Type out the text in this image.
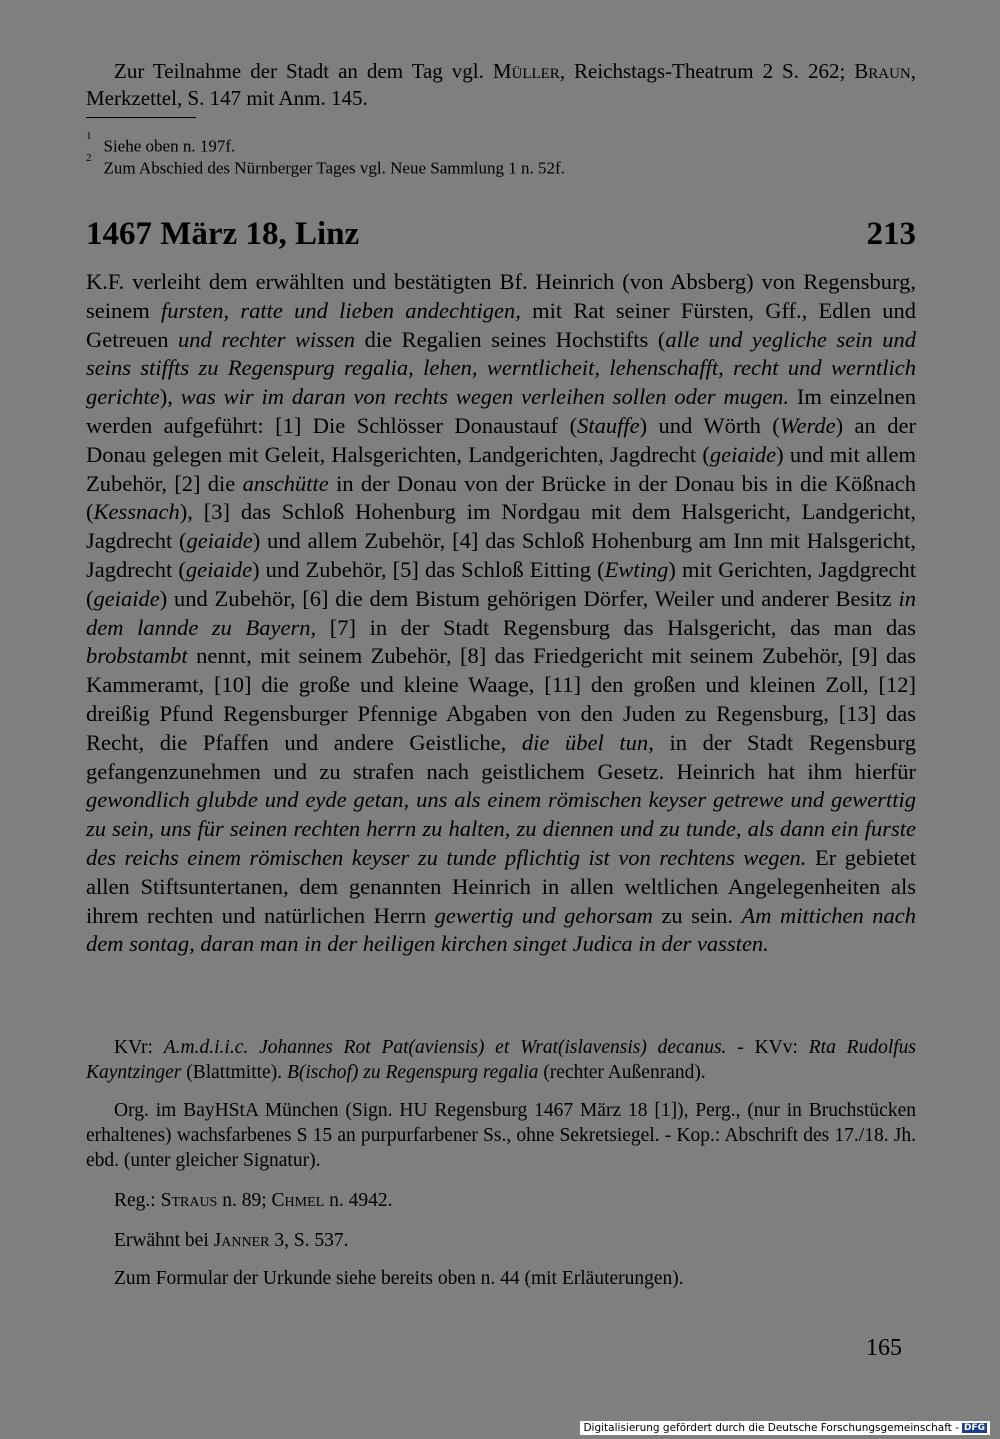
Zur Teilnahme der Stadt an dem Tag vgl. Müller, Reichstags-Theatrum 2 S. 262; Braun, Merkzettel, S. 147 mit Anm. 145.
$^1$Siehe oben n. 197f.
$^2$Zum Abschied des Nürnberger Tages vgl. Neue Sammlung 1 n. 52f.
1467 März 18, Linz	213
K.F. verleiht dem erwählten und bestätigten Bf. Heinrich (von Absberg) von Regensburg, seinem fursten, ratte und lieben andechtigen, mit Rat seiner Fürsten, Gff., Edlen und Getreuen und rechter wissen die Regalien seines Hochstifts (alle und yegliche sein und seins stiffts zu Regenspurg regalia, lehen, werntlicheit, lehenschafft, recht und werntlich gerichte), was wir im daran von rechts wegen verleihen sollen oder mugen. Im einzelnen werden aufgeführt: [1] Die Schlösser Donaustauf (Stauffe) und Wörth (Werde) an der Donau gelegen mit Geleit, Halsgerichten, Landgerichten, Jagdrecht (geiaide) und mit allem Zubehör, [2] die anschütte in der Donau von der Brücke in der Donau bis in die Kößnach (Kessnach), [3] das Schloß Hohenburg im Nordgau mit dem Halsgericht, Landgericht, Jagdrecht (geiaide) und allem Zubehör, [4] das Schloß Hohenburg am Inn mit Halsgericht, Jagdrecht (geiaide) und Zubehör, [5] das Schloß Eitting (Ewting) mit Gerichten, Jagdgrecht (geiaide) und Zubehör, [6] die dem Bistum gehörigen Dörfer, Weiler und anderer Besitz in dem lannde zu Bayern, [7] in der Stadt Regensburg das Halsgericht, das man das brobstambt nennt, mit seinem Zubehör, [8] das Friedgericht mit seinem Zubehör, [9] das Kammeramt, [10] die große und kleine Waage, [11] den großen und kleinen Zoll, [12] dreißig Pfund Regensburger Pfennige Abgaben von den Juden zu Regensburg, [13] das Recht, die Pfaffen und andere Geistliche, die übel tun, in der Stadt Regensburg gefangenzunehmen und zu strafen nach geistlichem Gesetz. Heinrich hat ihm hierfür gewondlich glubde und eyde getan, uns als einem römischen keyser getrewe und gewerttig zu sein, uns für seinen rechten herrn zu halten, zu diennen und zu tunde, als dann ein furste des reichs einem römischen keyser zu tunde pflichtig ist von rechtens wegen. Er gebietet allen Stiftsuntertanen, dem genannten Heinrich in allen weltlichen Angelegenheiten als ihrem rechten und natürlichen Herrn gewertig und gehorsam zu sein. Am mittichen nach dem sontag, daran man in der heiligen kirchen singet Judica in der vassten.
KVr: A.m.d.i.i.c. Johannes Rot Pat(aviensis) et Wrat(islavensis) decanus. - KVv: Rta Rudolfus Kayntzinger (Blattmitte). B(ischof) zu Regenspurg regalia (rechter Außenrand).
Org. im BayHStA München (Sign. HU Regensburg 1467 März 18 [1]), Perg., (nur in Bruchstücken erhaltenes) wachsfarbenes S 15 an purpurfarbener Ss., ohne Sekretsiegel. - Kop.: Abschrift des 17./18. Jh. ebd. (unter gleicher Signatur).
Reg.: Straus n. 89; Chmel n. 4942.
Erwähnt bei Janner 3, S. 537.
Zum Formular der Urkunde siehe bereits oben n. 44 (mit Erläuterungen).
165
Digitalisierung gefördert durch die Deutsche Forschungsgemeinschaft - DFG
